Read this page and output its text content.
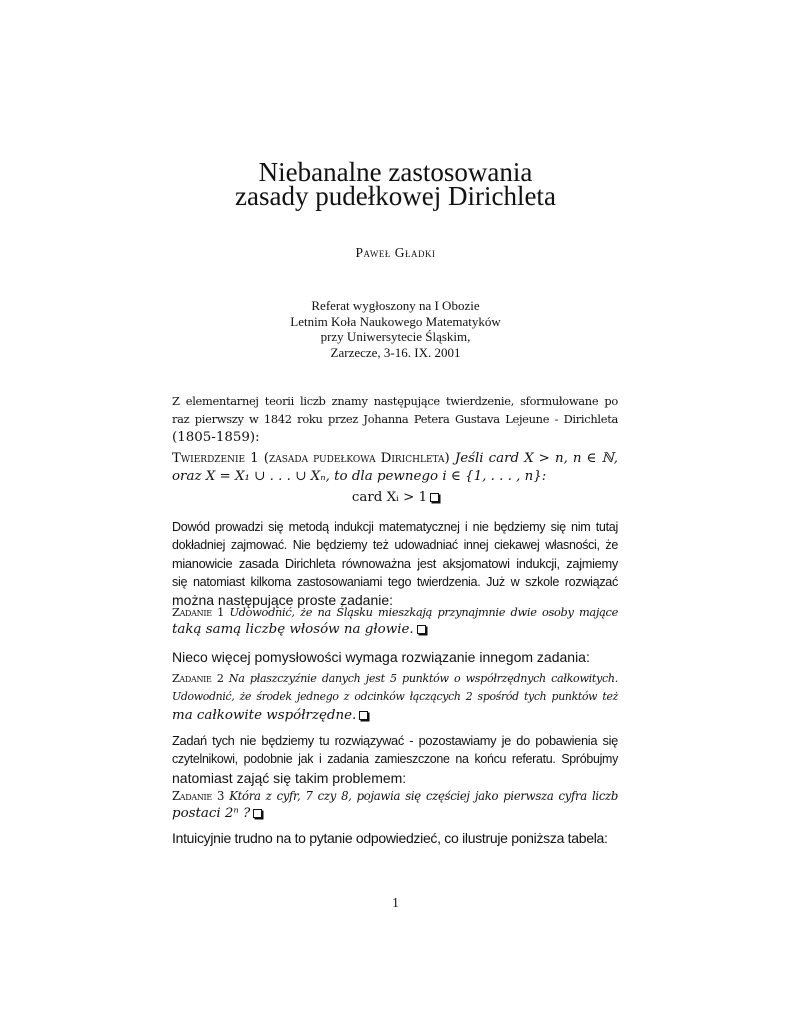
Niebanalne zastosowania
zasady pudełkowej Dirichleta
Paweł Gładki
Referat wygłoszony na I Obozie
Letnim Koła Naukowego Matematyków
przy Uniwersytecie Śląskim,
Zarzecze, 3-16. IX. 2001
Z elementarnej teorii liczb znamy następujące twierdzenie, sformułowane po
raz pierwszy w 1842 roku przez Johanna Petera Gustava Lejeune - Dirichleta
(1805-1859):
Twierdzenie 1 (zasada pudełkowa Dirichleta) Jeśli card X > n, n ∈ ℕ,
oraz X = X₁ ∪ . . . ∪ Xₙ, to dla pewnego i ∈ {1, . . . , n}:
card Xᵢ > 1
Dowód prowadzi się metodą indukcji matematycznej i nie będziemy się nim tutaj
dokładniej zajmować. Nie będziemy też udowadniać innej ciekawej własności, że
mianowicie zasada Dirichleta równoważna jest aksjomatowi indukcji, zajmiemy
się natomiast kilkoma zastosowaniami tego twierdzenia. Już w szkole rozwiązać
można następujące proste zadanie:
Zadanie 1 Udowodnić, że na Śląsku mieszkają przynajmnie dwie osoby mające
taką samą liczbę włosów na głowie.
Nieco więcej pomysłowości wymaga rozwiązanie innegom zadania:
Zadanie 2 Na płaszczyźnie danych jest 5 punktów o współrzędnych całkowitych.
Udowodnić, że środek jednego z odcinków łączących 2 spośród tych punktów też
ma całkowite współrzędne.
Zadań tych nie będziemy tu rozwiązywać - pozostawiamy je do pobawienia się
czytelnikowi, podobnie jak i zadania zamieszczone na końcu referatu. Spróbujmy
natomiast zająć się takim problemem:
Zadanie 3 Która z cyfr, 7 czy 8, pojawia się częściej jako pierwsza cyfra liczb
postaci 2ⁿ ?
Intuicyjnie trudno na to pytanie odpowiedzieć, co ilustruje poniższa tabela:
1
